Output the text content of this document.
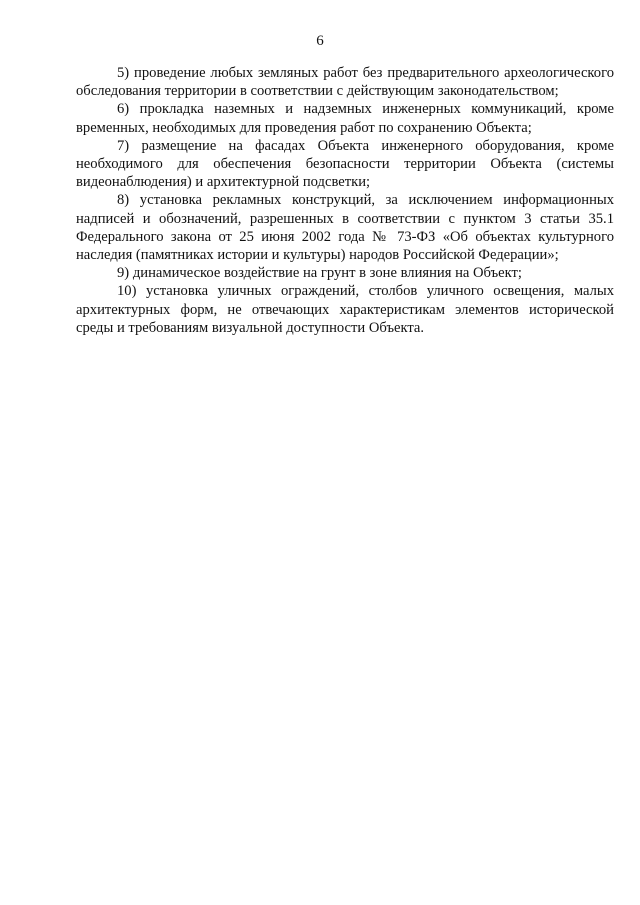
6

5) проведение любых земляных работ без предварительного археологического обследования территории в соответствии с действующим законодательством;

6) прокладка наземных и надземных инженерных коммуникаций, кроме временных, необходимых для проведения работ по сохранению Объекта;

7) размещение на фасадах Объекта инженерного оборудования, кроме необходимого для обеспечения безопасности территории Объекта (системы видеонаблюдения) и архитектурной подсветки;

8) установка рекламных конструкций, за исключением информационных надписей и обозначений, разрешенных в соответствии с пунктом 3 статьи 35.1 Федерального закона от 25 июня 2002 года № 73-ФЗ «Об объектах культурного наследия (памятниках истории и культуры) народов Российской Федерации»;

9) динамическое воздействие на грунт в зоне влияния на Объект;

10) установка уличных ограждений, столбов уличного освещения, малых архитектурных форм, не отвечающих характеристикам элементов исторической среды и требованиям визуальной доступности Объекта.
